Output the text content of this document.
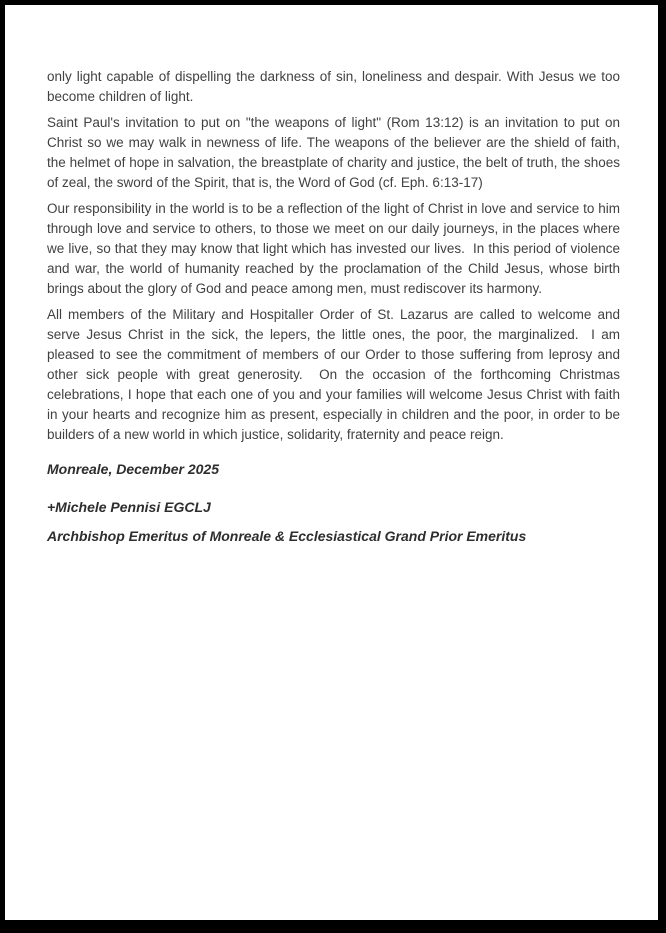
only light capable of dispelling the darkness of sin, loneliness and despair. With Jesus we too become children of light.

Saint Paul's invitation to put on "the weapons of light" (Rom 13:12) is an invitation to put on Christ so we may walk in newness of life. The weapons of the believer are the shield of faith, the helmet of hope in salvation, the breastplate of charity and justice, the belt of truth, the shoes of zeal, the sword of the Spirit, that is, the Word of God (cf. Eph. 6:13-17)

Our responsibility in the world is to be a reflection of the light of Christ in love and service to him through love and service to others, to those we meet on our daily journeys, in the places where we live, so that they may know that light which has invested our lives.  In this period of violence and war, the world of humanity reached by the proclamation of the Child Jesus, whose birth brings about the glory of God and peace among men, must rediscover its harmony.

All members of the Military and Hospitaller Order of St. Lazarus are called to welcome and serve Jesus Christ in the sick, the lepers, the little ones, the poor, the marginalized.  I am pleased to see the commitment of members of our Order to those suffering from leprosy and other sick people with great generosity.  On the occasion of the forthcoming Christmas celebrations, I hope that each one of you and your families will welcome Jesus Christ with faith in your hearts and recognize him as present, especially in children and the poor, in order to be builders of a new world in which justice, solidarity, fraternity and peace reign.

Monreale, December 2025

+Michele Pennisi EGCLJ

Archbishop Emeritus of Monreale & Ecclesiastical Grand Prior Emeritus
